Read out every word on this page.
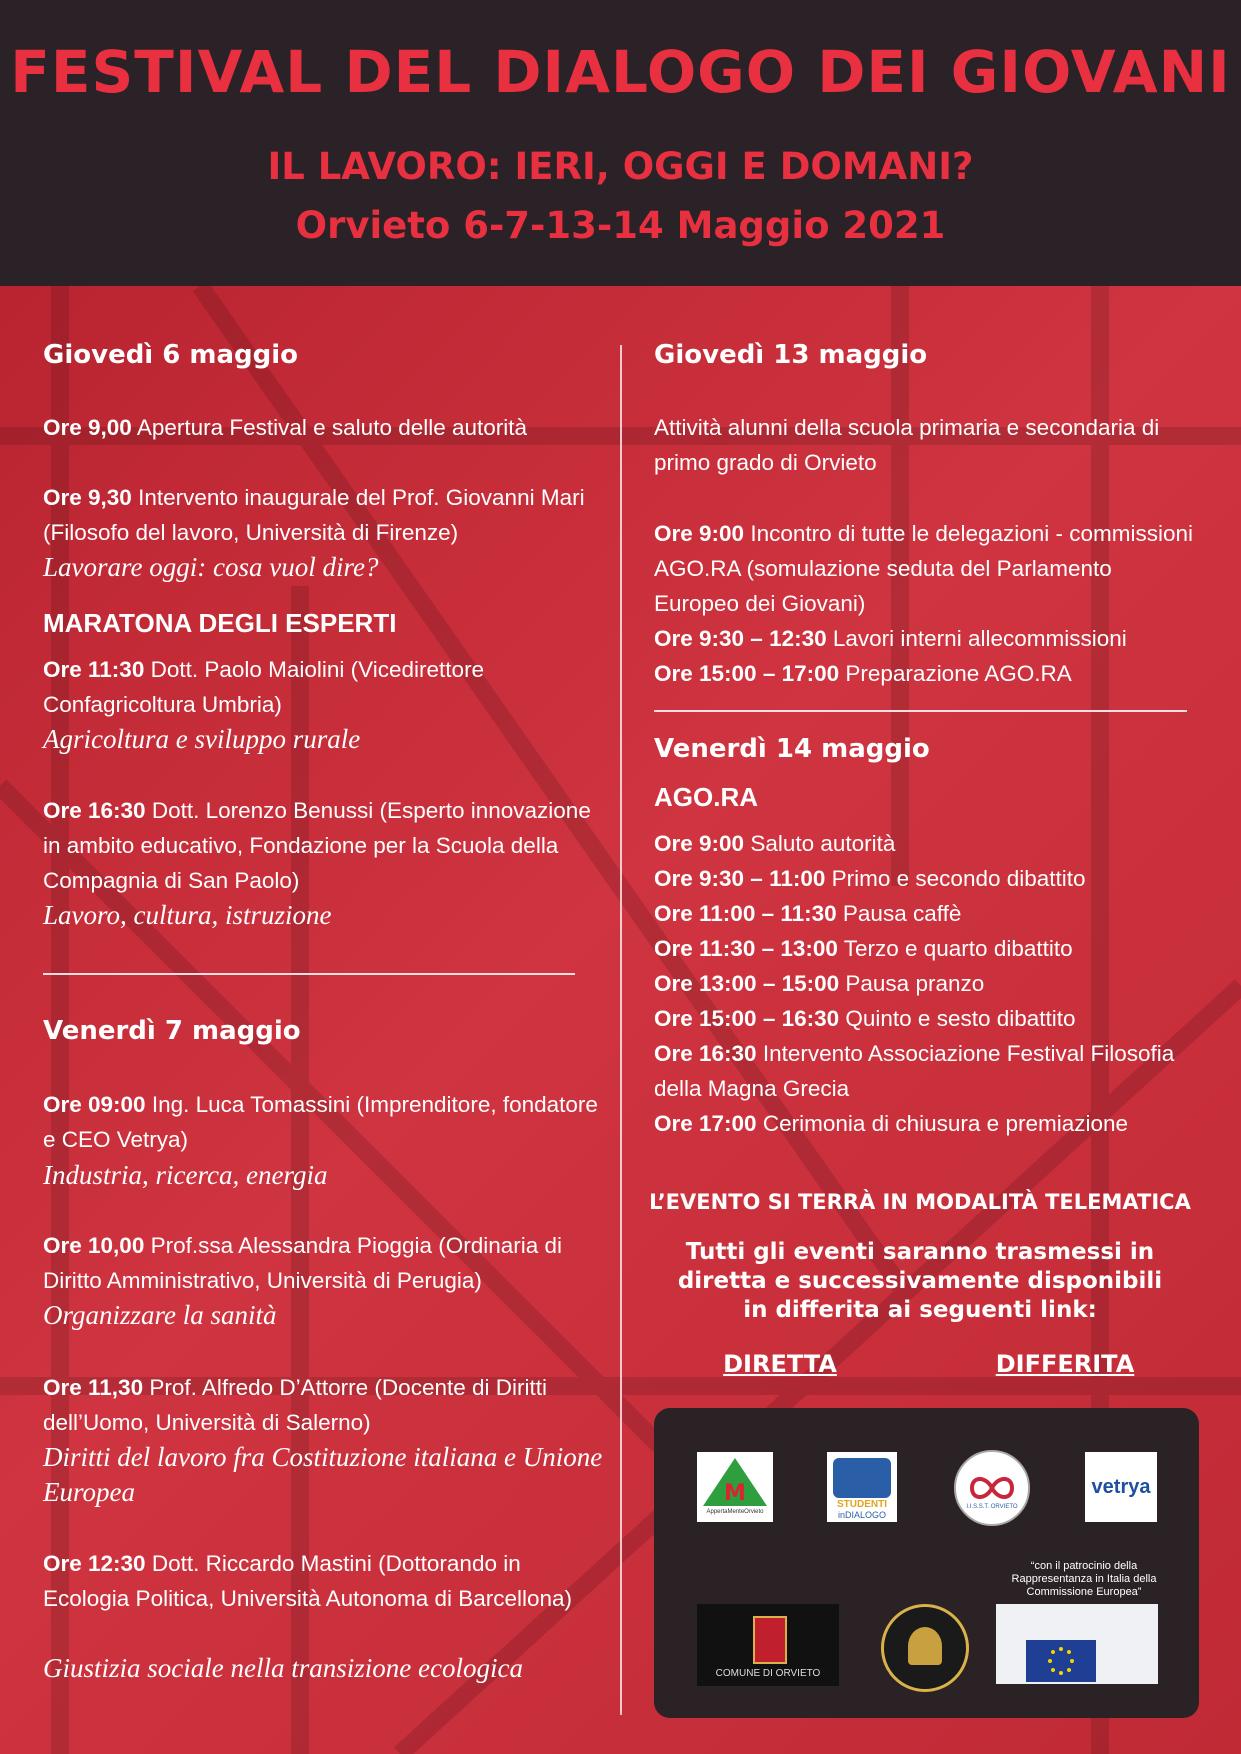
FESTIVAL DEL DIALOGO DEI GIOVANI

IL LAVORO: IERI, OGGI E DOMANI?

Orvieto 6-7-13-14 Maggio 2021

Giovedì 6 maggio

Ore 9,00 Apertura Festival e saluto delle autorità

Ore 9,30 Intervento inaugurale del Prof. Giovanni Mari (Filosofo del lavoro, Università di Firenze)

Lavorare oggi: cosa vuol dire?

MARATONA DEGLI ESPERTI

Ore 11:30 Dott. Paolo Maiolini (Vicedirettore Confagricoltura Umbria)

Agricoltura e sviluppo rurale

Ore 16:30 Dott. Lorenzo Benussi (Esperto innovazione in ambito educativo, Fondazione per la Scuola della Compagnia di San Paolo)

Lavoro, cultura, istruzione

Venerdì 7 maggio

Ore 09:00 Ing. Luca Tomassini (Imprenditore, fondatore e CEO Vetrya)

Industria, ricerca, energia

Ore 10,00 Prof.ssa Alessandra Pioggia (Ordinaria di Diritto Amministrativo, Università di Perugia)

Organizzare la sanità

Ore 11,30 Prof. Alfredo D’Attorre (Docente di Diritti dell’Uomo, Università di Salerno)

Diritti del lavoro fra Costituzione italiana e Unione Europea

Ore 12:30 Dott. Riccardo Mastini (Dottorando in Ecologia Politica, Università Autonoma di Barcellona)

Giustizia sociale nella transizione ecologica

Giovedì 13 maggio

Attività alunni della scuola primaria e secondaria di primo grado di Orvieto

Ore 9:00 Incontro di tutte le delegazioni - commissioni AGO.RA (somulazione seduta del Parlamento Europeo dei Giovani)

Ore 9:30 – 12:30 Lavori interni allecommissioni

Ore 15:00 – 17:00 Preparazione AGO.RA

Venerdì 14 maggio

AGO.RA

Ore 9:00 Saluto autorità

Ore 9:30 – 11:00 Primo e secondo dibattito

Ore 11:00 – 11:30 Pausa caffè

Ore 11:30 – 13:00 Terzo e quarto dibattito

Ore 13:00 – 15:00 Pausa pranzo

Ore 15:00 – 16:30 Quinto e sesto dibattito

Ore 16:30 Intervento Associazione Festival Filosofia della Magna Grecia

Ore 17:00 Cerimonia di chiusura e premiazione

L’EVENTO SI TERRÀ IN MODALITÀ TELEMATICA

Tutti gli eventi saranno trasmessi in
diretta e successivamente disponibili
in differita ai seguenti link:
DIRETTA	DIFFERITA
M
AppertaMenteOrvieto
STUDENTI
inDIALOGO
I.I.S.S.T. ORVIETO
vetrya
COMUNE DI ORVIETO
“con il patrocinio della Rappresentanza in Italia della Commissione Europea”
